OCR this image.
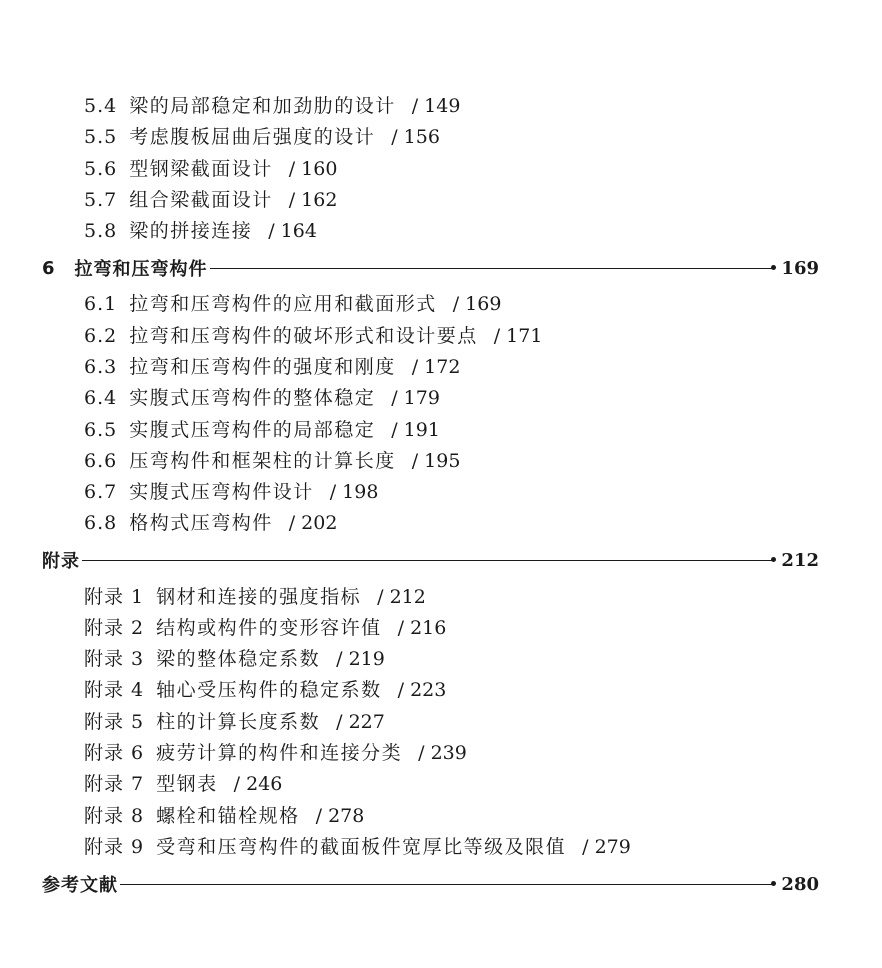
5.4 梁的局部稳定和加劲肋的设计 / 149
5.5 考虑腹板屈曲后强度的设计 / 156
5.6 型钢梁截面设计 / 160
5.7 组合梁截面设计 / 162
5.8 梁的拼接连接 / 164
6 拉弯和压弯构件	169
6.1 拉弯和压弯构件的应用和截面形式 / 169
6.2 拉弯和压弯构件的破坏形式和设计要点 / 171
6.3 拉弯和压弯构件的强度和刚度 / 172
6.4 实腹式压弯构件的整体稳定 / 179
6.5 实腹式压弯构件的局部稳定 / 191
6.6 压弯构件和框架柱的计算长度 / 195
6.7 实腹式压弯构件设计 / 198
6.8 格构式压弯构件 / 202
附录	212
附录 1 钢材和连接的强度指标 / 212
附录 2 结构或构件的变形容许值 / 216
附录 3 梁的整体稳定系数 / 219
附录 4 轴心受压构件的稳定系数 / 223
附录 5 柱的计算长度系数 / 227
附录 6 疲劳计算的构件和连接分类 / 239
附录 7 型钢表 / 246
附录 8 螺栓和锚栓规格 / 278
附录 9 受弯和压弯构件的截面板件宽厚比等级及限值 / 279
参考文献	280
